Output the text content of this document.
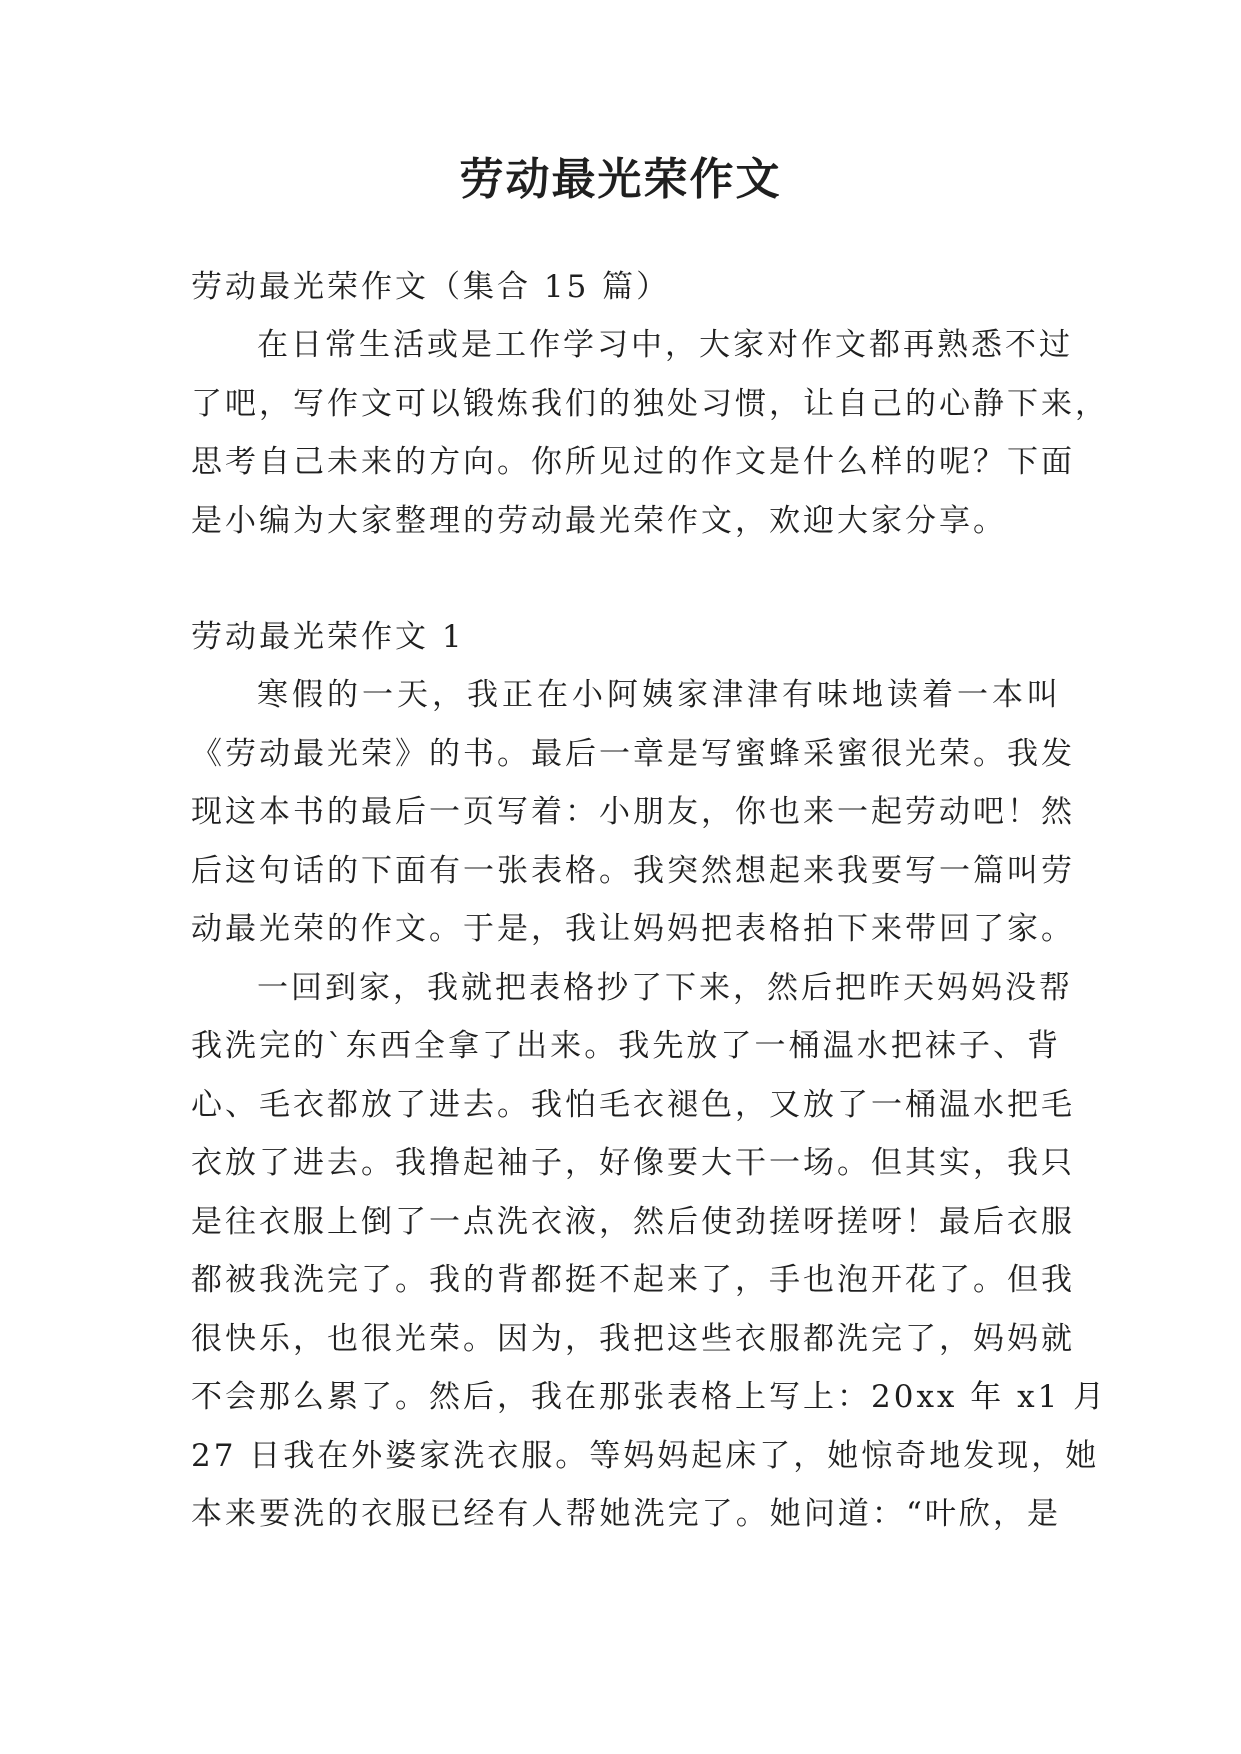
劳动最光荣作文
劳动最光荣作文（集合 15 篇）

在日常生活或是工作学习中，大家对作文都再熟悉不过
了吧，写作文可以锻炼我们的独处习惯，让自己的心静下来，
思考自己未来的方向。你所见过的作文是什么样的呢？下面
是小编为大家整理的劳动最光荣作文，欢迎大家分享。

劳动最光荣作文 1

寒假的一天，我正在小阿姨家津津有味地读着一本叫
《劳动最光荣》的书。最后一章是写蜜蜂采蜜很光荣。我发
现这本书的最后一页写着：小朋友，你也来一起劳动吧！然
后这句话的下面有一张表格。我突然想起来我要写一篇叫劳
动最光荣的作文。于是，我让妈妈把表格拍下来带回了家。

一回到家，我就把表格抄了下来，然后把昨天妈妈没帮
我洗完的`东西全拿了出来。我先放了一桶温水把袜子、背
心、毛衣都放了进去。我怕毛衣褪色，又放了一桶温水把毛
衣放了进去。我撸起袖子，好像要大干一场。但其实，我只
是往衣服上倒了一点洗衣液，然后使劲搓呀搓呀！最后衣服
都被我洗完了。我的背都挺不起来了，手也泡开花了。但我
很快乐，也很光荣。因为，我把这些衣服都洗完了，妈妈就
不会那么累了。然后，我在那张表格上写上：20xx 年 x1 月
27 日我在外婆家洗衣服。等妈妈起床了，她惊奇地发现，她
本来要洗的衣服已经有人帮她洗完了。她问道：“叶欣，是
